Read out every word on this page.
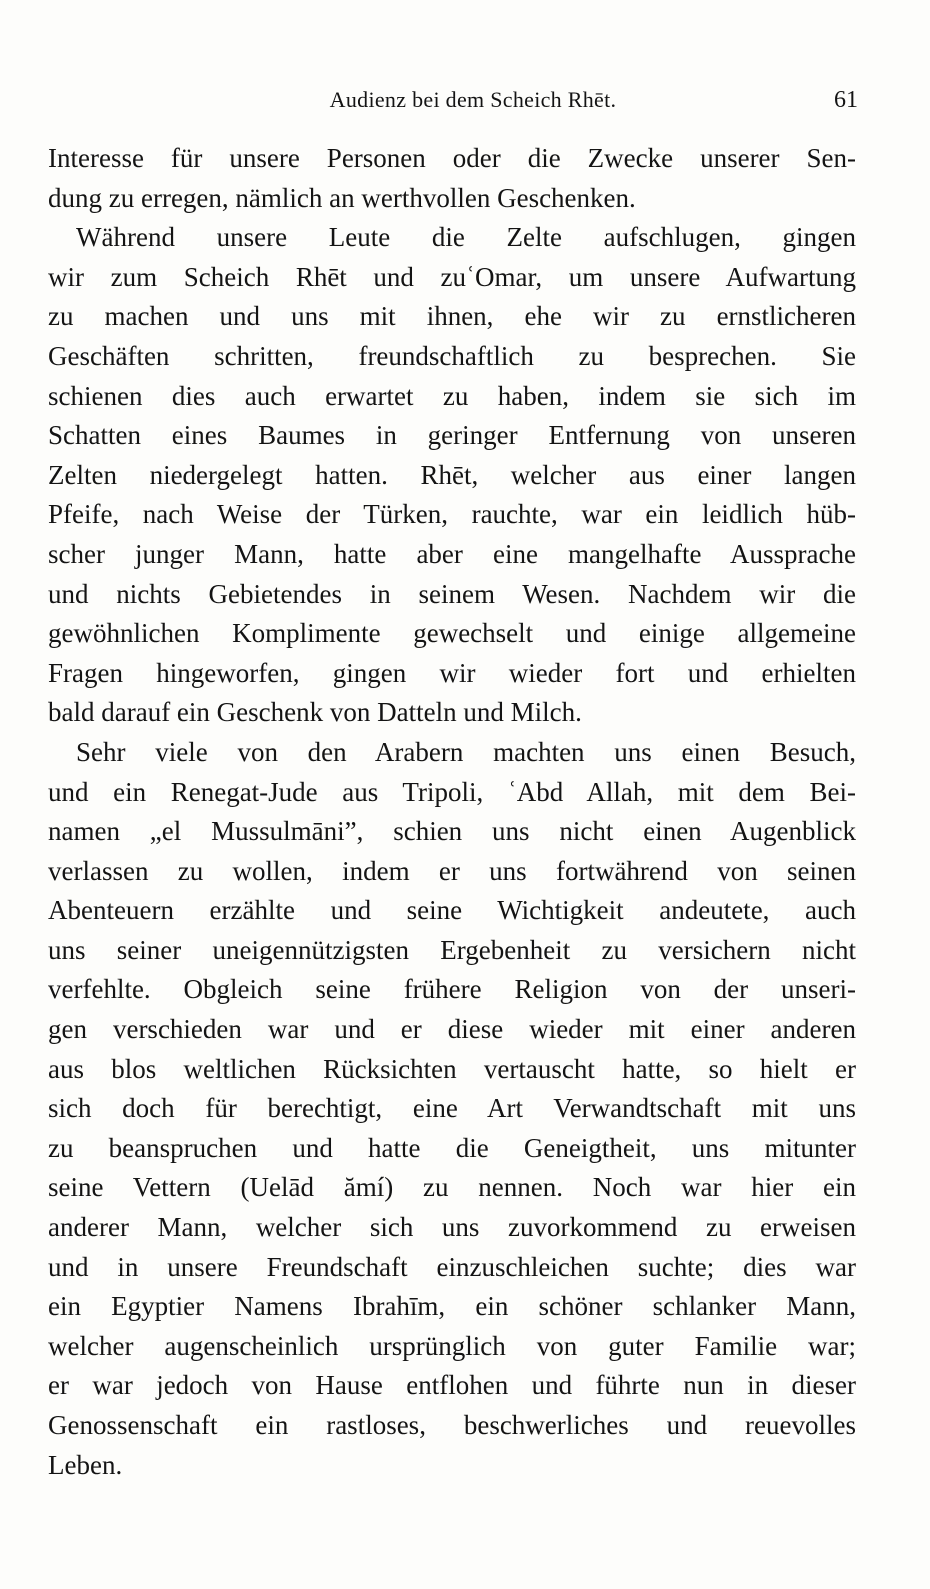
Audienz bei dem Scheich Rhēt.	61
Interesse für unsere Personen oder die Zwecke unserer Sen-
dung zu erregen, nämlich an werthvollen Geschenken.
Während unsere Leute die Zelte aufschlugen, gingen
wir zum Scheich Rhēt und zuʿOmar, um unsere Aufwartung
zu machen und uns mit ihnen, ehe wir zu ernstlicheren
Geschäften schritten, freundschaftlich zu besprechen. Sie
schienen dies auch erwartet zu haben, indem sie sich im
Schatten eines Baumes in geringer Entfernung von unseren
Zelten niedergelegt hatten. Rhēt, welcher aus einer langen
Pfeife, nach Weise der Türken, rauchte, war ein leidlich hüb-
scher junger Mann, hatte aber eine mangelhafte Aussprache
und nichts Gebietendes in seinem Wesen. Nachdem wir die
gewöhnlichen Komplimente gewechselt und einige allgemeine
Fragen hingeworfen, gingen wir wieder fort und erhielten
bald darauf ein Geschenk von Datteln und Milch.
Sehr viele von den Arabern machten uns einen Besuch,
und ein Renegat-Jude aus Tripoli, ʿAbd Allah, mit dem Bei-
namen „el Mussulmāni”, schien uns nicht einen Augenblick
verlassen zu wollen, indem er uns fortwährend von seinen
Abenteuern erzählte und seine Wichtigkeit andeutete, auch
uns seiner uneigennützigsten Ergebenheit zu versichern nicht
verfehlte. Obgleich seine frühere Religion von der unseri-
gen verschieden war und er diese wieder mit einer anderen
aus blos weltlichen Rücksichten vertauscht hatte, so hielt er
sich doch für berechtigt, eine Art Verwandtschaft mit uns
zu beanspruchen und hatte die Geneigtheit, uns mitunter
seine Vettern (Uelād ămí) zu nennen. Noch war hier ein
anderer Mann, welcher sich uns zuvorkommend zu erweisen
und in unsere Freundschaft einzuschleichen suchte; dies war
ein Egyptier Namens Ibrahīm, ein schöner schlanker Mann,
welcher augenscheinlich ursprünglich von guter Familie war;
er war jedoch von Hause entflohen und führte nun in dieser
Genossenschaft ein rastloses, beschwerliches und reuevolles
Leben.
